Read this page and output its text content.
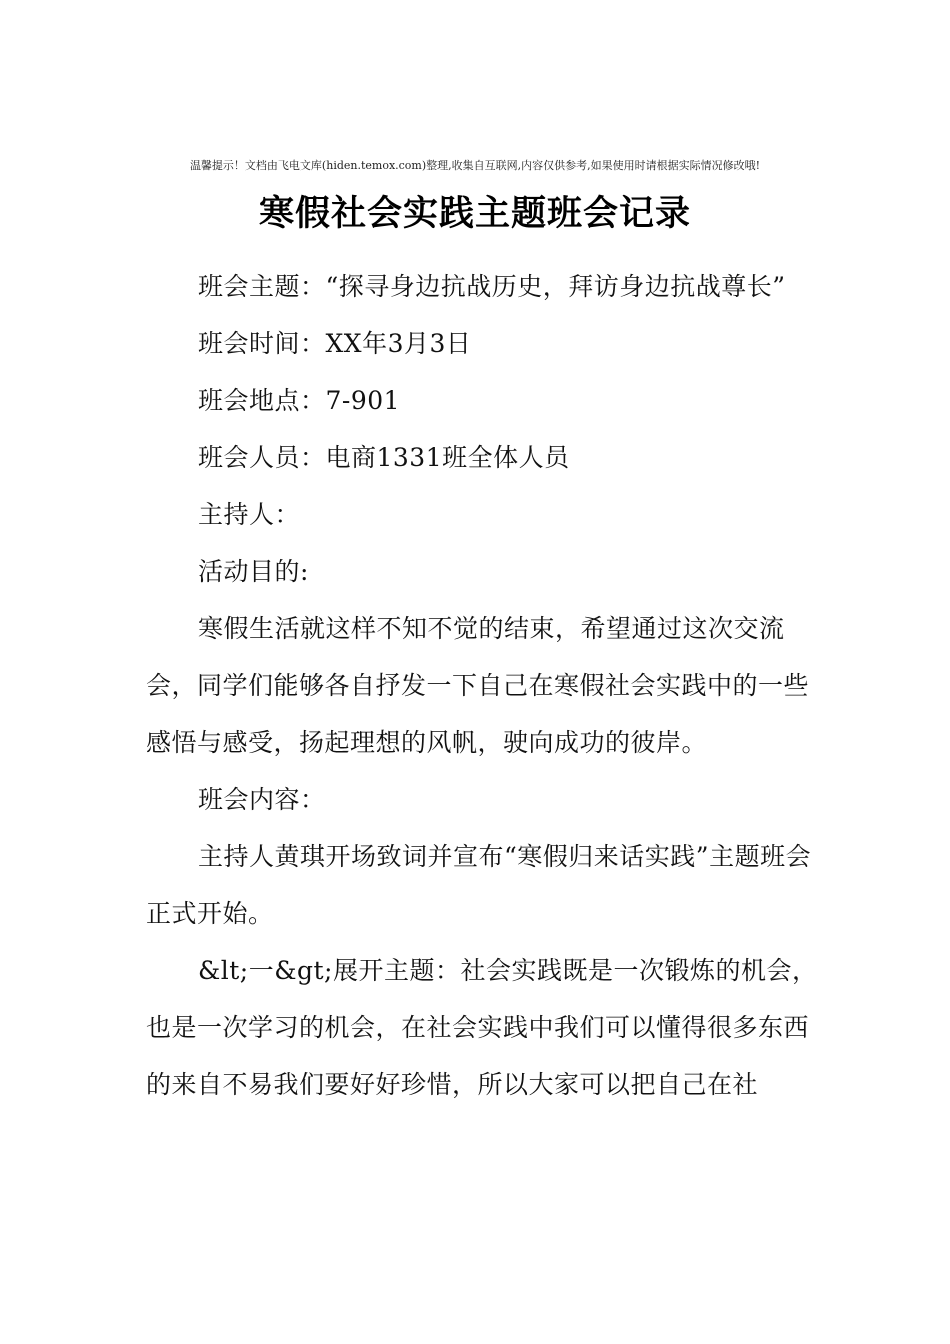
温馨提示！文档由飞电文库(hiden.temox.com)整理,收集自互联网,内容仅供参考,如果使用时请根据实际情况修改哦!
寒假社会实践主题班会记录

班会主题：“探寻身边抗战历史，拜访身边抗战尊长”

班会时间：XX年3月3日

班会地点：7-901

班会人员：电商1331班全体人员

主持人：

活动目的:

寒假生活就这样不知不觉的结束，希望通过这次交流会，同学们能够各自抒发一下自己在寒假社会实践中的一些感悟与感受，扬起理想的风帆，驶向成功的彼岸。

班会内容：

主持人黄琪开场致词并宣布“寒假归来话实践”主题班会正式开始。

&lt;一&gt;展开主题：社会实践既是一次锻炼的机会，也是一次学习的机会，在社会实践中我们可以懂得很多东西的来自不易我们要好好珍惜，所以大家可以把自己在社
